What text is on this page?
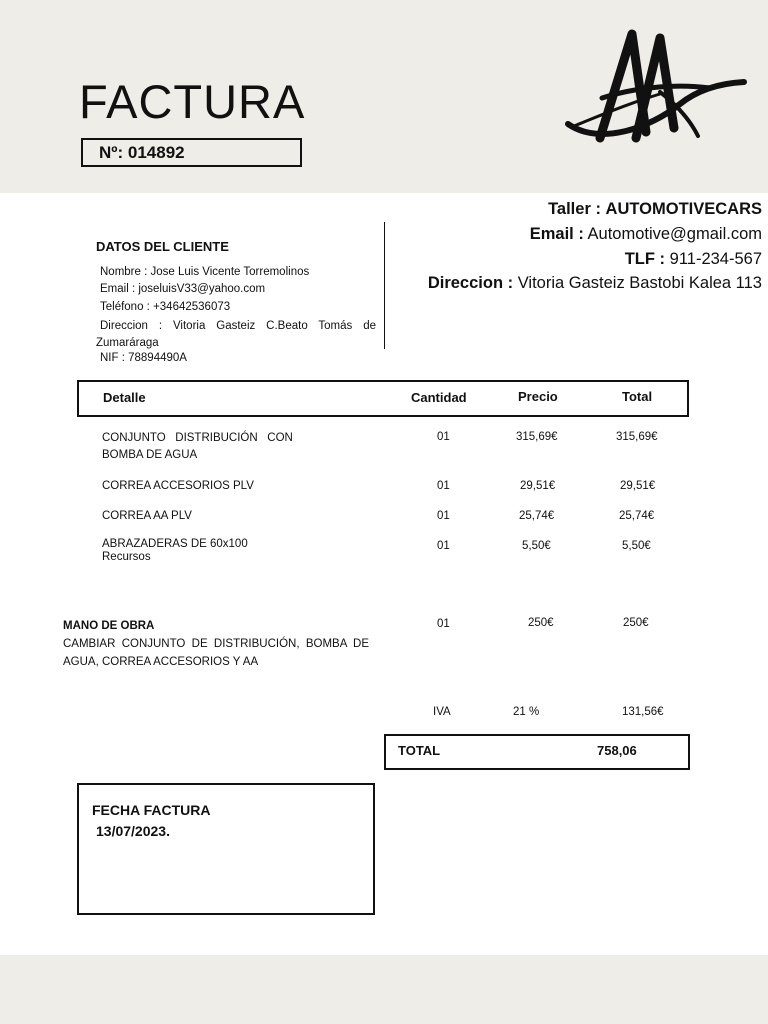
FACTURA
Nº: 014892
DATOS DEL CLIENTE
Nombre : Jose Luis Vicente Torremolinos
Email : joseluisV33@yahoo.com
Teléfono : +34642536073
Direccion : Vitoria Gasteiz C.Beato Tomás de Zumaráraga
NIF : 78894490A
Taller : AUTOMOTIVECARS
Email : Automotive@gmail.com
TLF : 911-234-567
Direccion : Vitoria Gasteiz Bastobi Kalea 113
Detalle	Cantidad	Precio	Total
CONJUNTO   DISTRIBUCIÓN   CON
BOMBA DE AGUA
01	315,69€	315,69€
CORREA ACCESORIOS PLV	01	29,51€	29,51€
CORREA AA PLV	01	25,74€	25,74€
ABRAZADERAS DE 60x100
Recursos
01	5,50€	5,50€
MANO DE OBRA
CAMBIAR CONJUNTO DE DISTRIBUCIÓN, BOMBA DE AGUA, CORREA ACCESORIOS Y AA
01	250€	250€
IVA	21 %	131,56€
TOTAL	758,06
FECHA FACTURA
13/07/2023.
